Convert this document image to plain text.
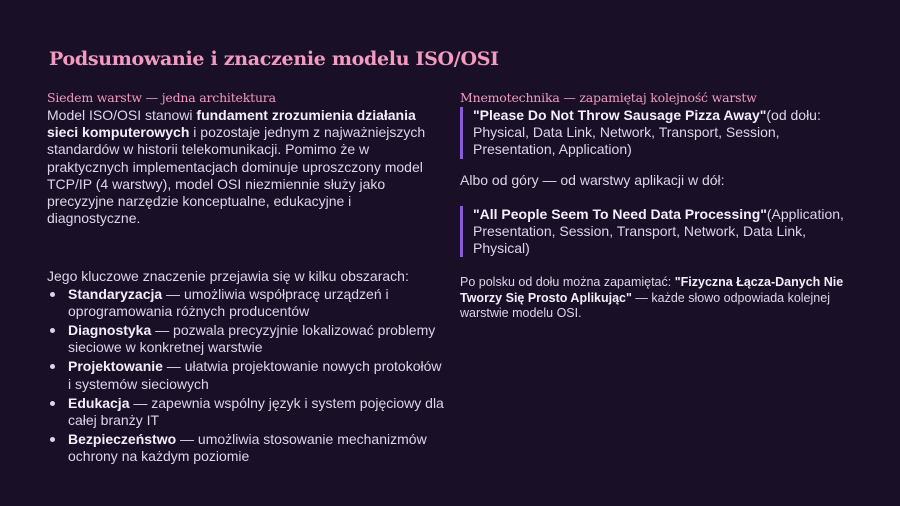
Podsumowanie i znaczenie modelu ISO/OSI
Siedem warstw — jedna architektura

Model ISO/OSI stanowi fundament zrozumienia działania sieci komputerowych i pozostaje jednym z najważniejszych standardów w historii telekomunikacji. Pomimo że w praktycznych implementacjach dominuje uproszczony model TCP/IP (4 warstwy), model OSI niezmiennie służy jako precyzyjne narzędzie konceptualne, edukacyjne i diagnostyczne.

Jego kluczowe znaczenie przejawia się w kilku obszarach:

Standaryzacja — umożliwia współpracę urządzeń i oprogramowania różnych producentów
Diagnostyka — pozwala precyzyjnie lokalizować problemy sieciowe w konkretnej warstwie
Projektowanie — ułatwia projektowanie nowych protokołów i systemów sieciowych
Edukacja — zapewnia wspólny język i system pojęciowy dla całej branży IT
Bezpieczeństwo — umożliwia stosowanie mechanizmów ochrony na każdym poziomie
Mnemotechnika — zapamiętaj kolejność warstw
"Please Do Not Throw Sausage Pizza Away"(od dołu: Physical, Data Link, Network, Transport, Session, Presentation, Application)

Albo od góry — od warstwy aplikacji w dół:

"All People Seem To Need Data Processing"(Application, Presentation, Session, Transport, Network, Data Link, Physical)

Po polsku od dołu można zapamiętać: "Fizyczna Łącza-Danych Nie Tworzy Się Prosto Aplikując" — każde słowo odpowiada kolejnej warstwie modelu OSI.
